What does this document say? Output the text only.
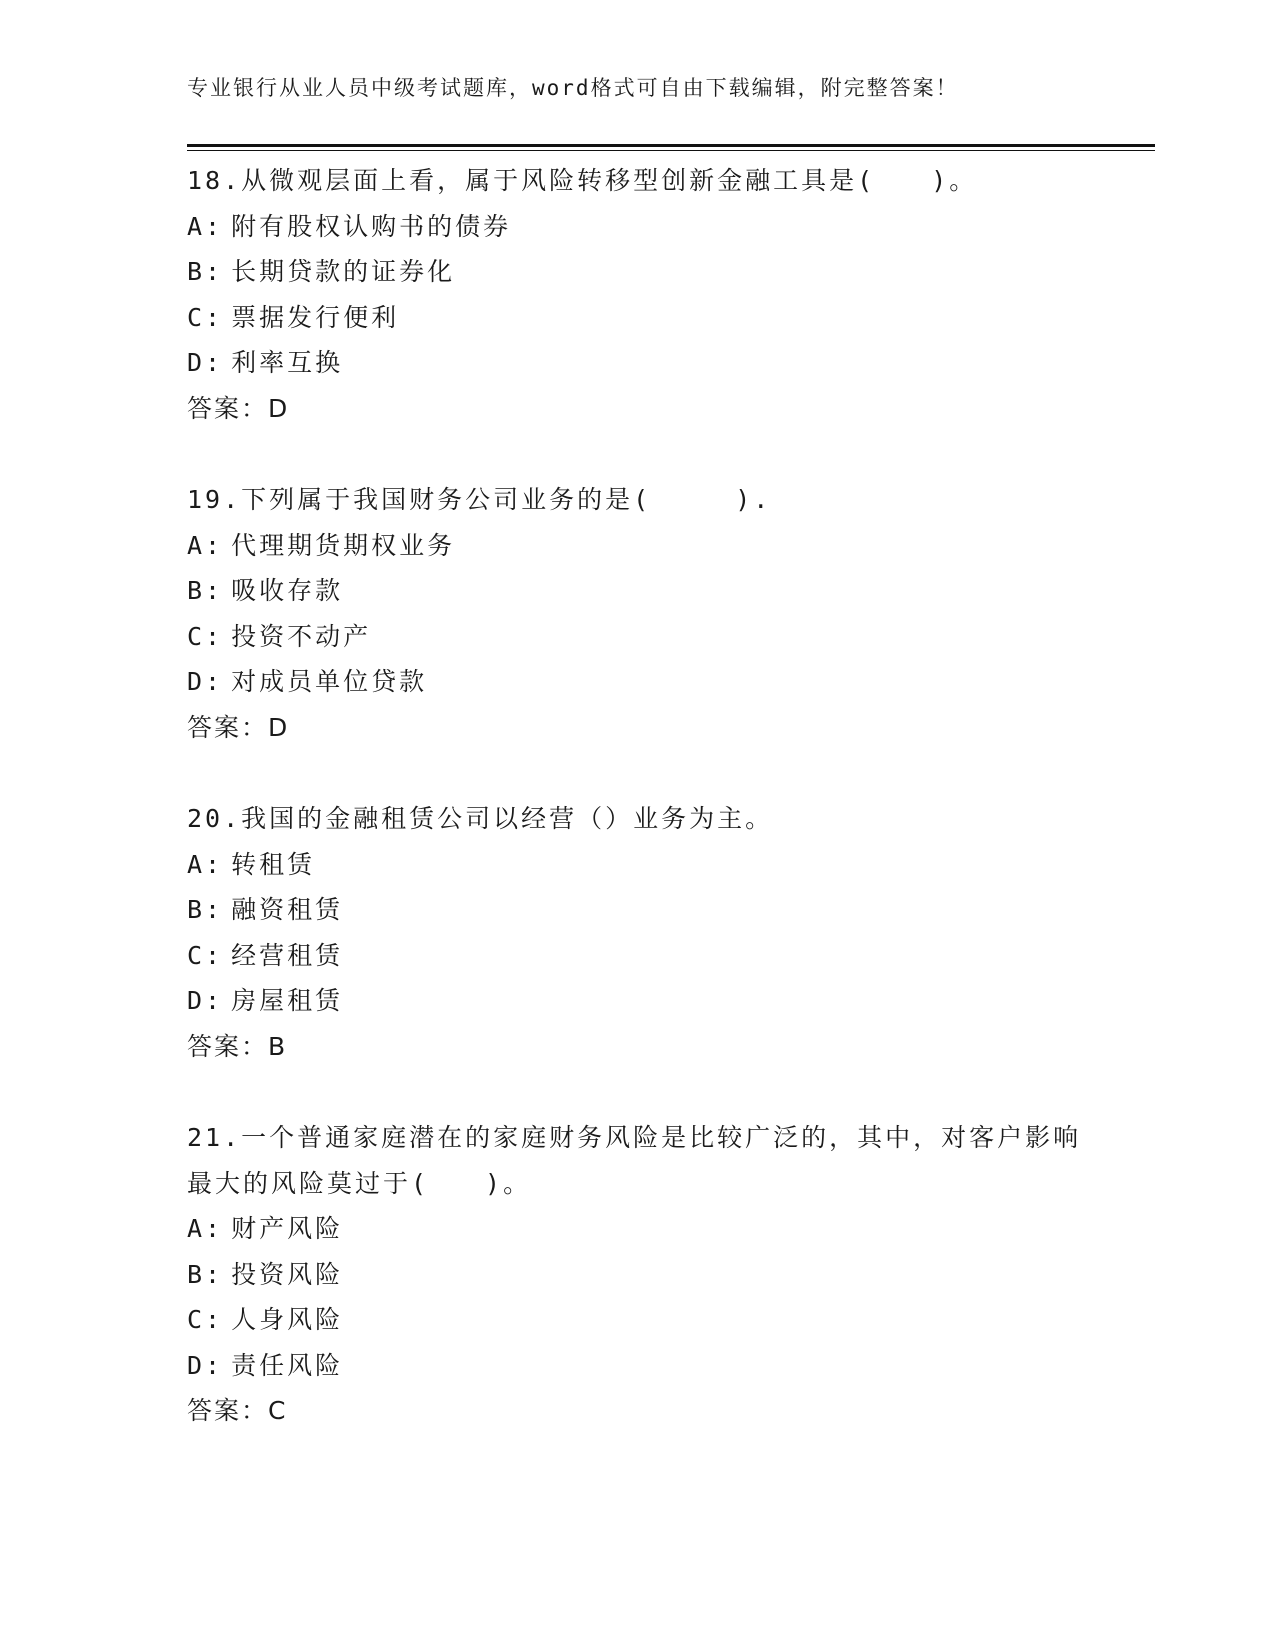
专业银行从业人员中级考试题库，word格式可自由下载编辑，附完整答案！
18.从微观层面上看，属于风险转移型创新金融工具是(　　)。
A: 附有股权认购书的债券
B: 长期贷款的证券化
C: 票据发行便利
D: 利率互换
答案：D
19.下列属于我国财务公司业务的是(　　　).
A: 代理期货期权业务
B: 吸收存款
C: 投资不动产
D: 对成员单位贷款
答案：D
20.我国的金融租赁公司以经营（）业务为主。
A: 转租赁
B: 融资租赁
C: 经营租赁
D: 房屋租赁
答案：B
21.一个普通家庭潜在的家庭财务风险是比较广泛的，其中，对客户影响最大的风险莫过于(　　)。
A: 财产风险
B: 投资风险
C: 人身风险
D: 责任风险
答案：C
